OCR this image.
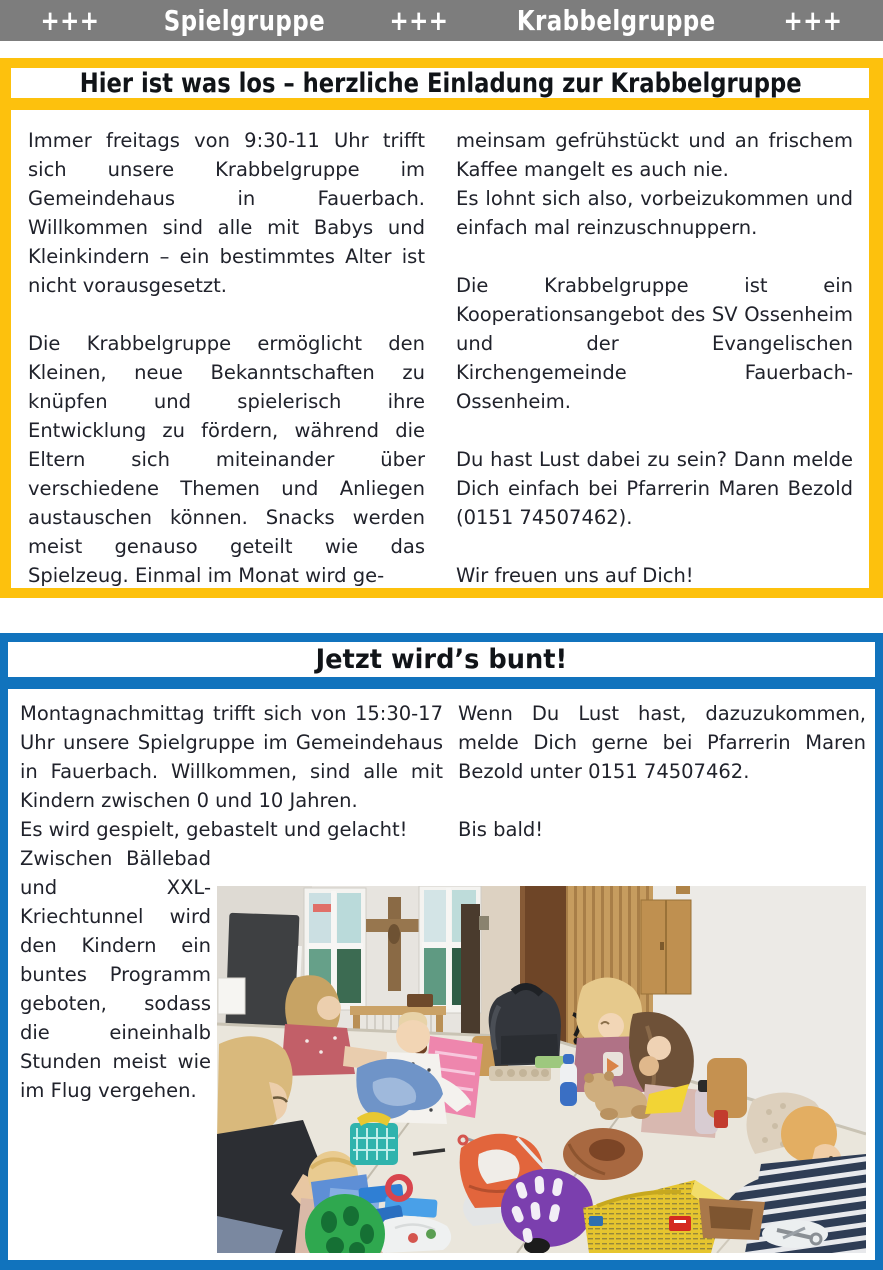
+++ Spielgruppe +++ Krabbelgruppe +++
Hier ist was los – herzliche Einladung zur Krabbelgruppe

Immer freitags von 9:30-11 Uhr trifft sich unsere Krabbelgruppe im Gemeindehaus in Fauerbach. Willkommen sind alle mit Babys und Kleinkindern – ein bestimmtes Alter ist nicht vorausgesetzt.

Die Krabbelgruppe ermöglicht den Kleinen, neue Bekanntschaften zu knüpfen und spielerisch ihre Entwicklung zu fördern, während die Eltern sich miteinander über verschiedene Themen und Anliegen austauschen können. Snacks werden meist genauso geteilt wie das Spielzeug. Einmal im Monat wird ge-

meinsam gefrühstückt und an frischem Kaffee mangelt es auch nie.

Es lohnt sich also, vorbeizukommen und einfach mal reinzuschnuppern.

Die Krabbelgruppe ist ein Kooperationsangebot des SV Ossenheim und der Evangelischen Kirchengemeinde Fauerbach-Ossenheim.

Du hast Lust dabei zu sein? Dann melde Dich einfach bei Pfarrerin Maren Bezold (0151 74507462).

Wir freuen uns auf Dich!

Jetzt wird’s bunt!

Montagnachmittag trifft sich von 15:30-17 Uhr unsere Spielgruppe im Gemeindehaus in Fauerbach. Willkommen, sind alle mit Kindern zwischen 0 und 10 Jahren.

Es wird gespielt, gebastelt und gelacht!

Zwischen Bällebad und XXL-Kriechtunnel wird den Kindern ein buntes Programm geboten, sodass die eineinhalb Stunden meist wie im Flug vergehen.

Wenn Du Lust hast, dazuzukommen, melde Dich gerne bei Pfarrerin Maren Bezold unter 0151 74507462.

Bis bald!
